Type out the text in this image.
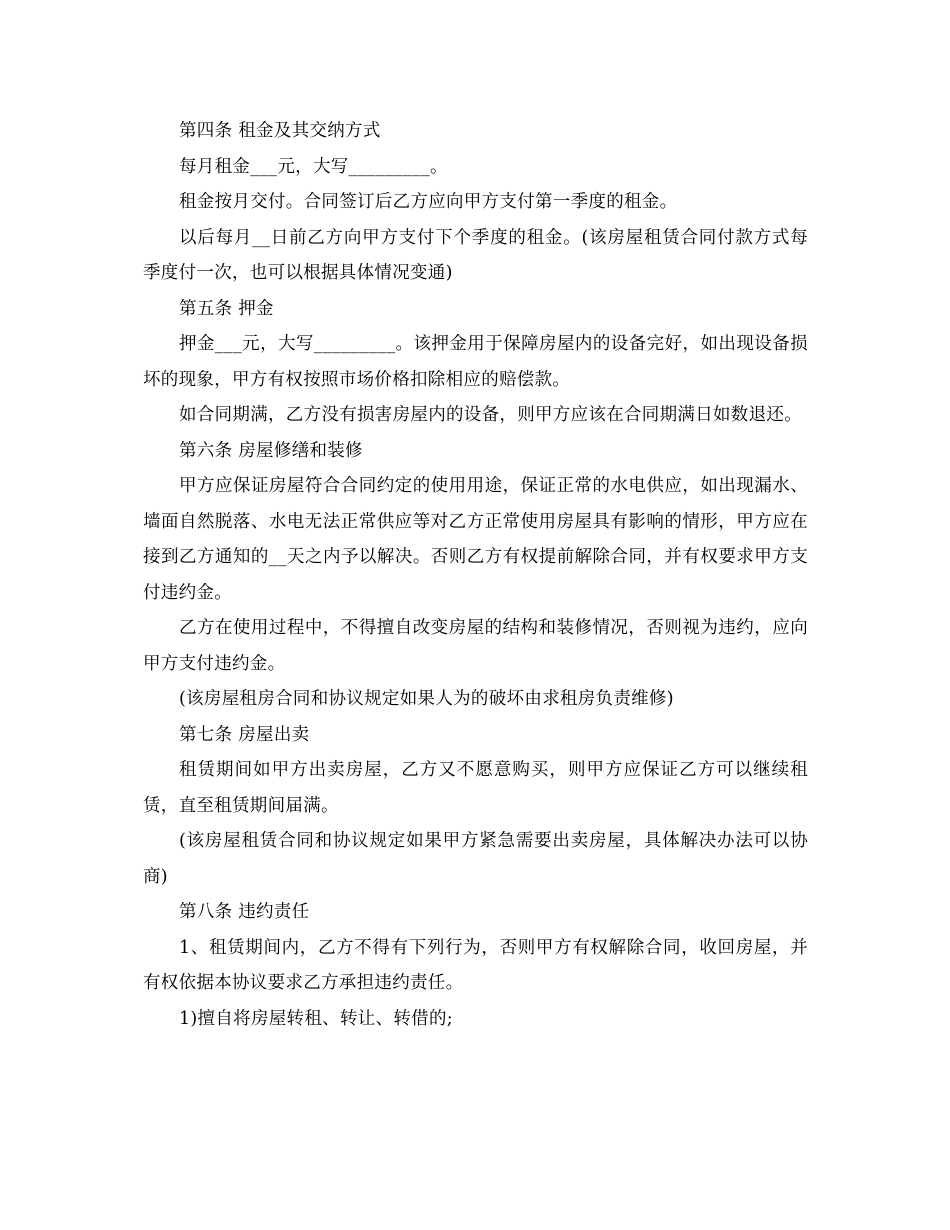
第四条 租金及其交纳方式

每月租金___元，大写_________。

租金按月交付。合同签订后乙方应向甲方支付第一季度的租金。

以后每月__日前乙方向甲方支付下个季度的租金。(该房屋租赁合同付款方式每季度付一次，也可以根据具体情况变通)

第五条 押金

押金___元，大写_________。该押金用于保障房屋内的设备完好，如出现设备损坏的现象，甲方有权按照市场价格扣除相应的赔偿款。

如合同期满，乙方没有损害房屋内的设备，则甲方应该在合同期满日如数退还。

第六条 房屋修缮和装修

甲方应保证房屋符合合同约定的使用用途，保证正常的水电供应，如出现漏水、墙面自然脱落、水电无法正常供应等对乙方正常使用房屋具有影响的情形，甲方应在接到乙方通知的__天之内予以解决。否则乙方有权提前解除合同，并有权要求甲方支付违约金。

乙方在使用过程中，不得擅自改变房屋的结构和装修情况，否则视为违约，应向甲方支付违约金。

(该房屋租房合同和协议规定如果人为的破坏由求租房负责维修)

第七条 房屋出卖

租赁期间如甲方出卖房屋，乙方又不愿意购买，则甲方应保证乙方可以继续租赁，直至租赁期间届满。

(该房屋租赁合同和协议规定如果甲方紧急需要出卖房屋，具体解决办法可以协商)

第八条 违约责任

1、租赁期间内，乙方不得有下列行为，否则甲方有权解除合同，收回房屋，并有权依据本协议要求乙方承担违约责任。

1)擅自将房屋转租、转让、转借的;
